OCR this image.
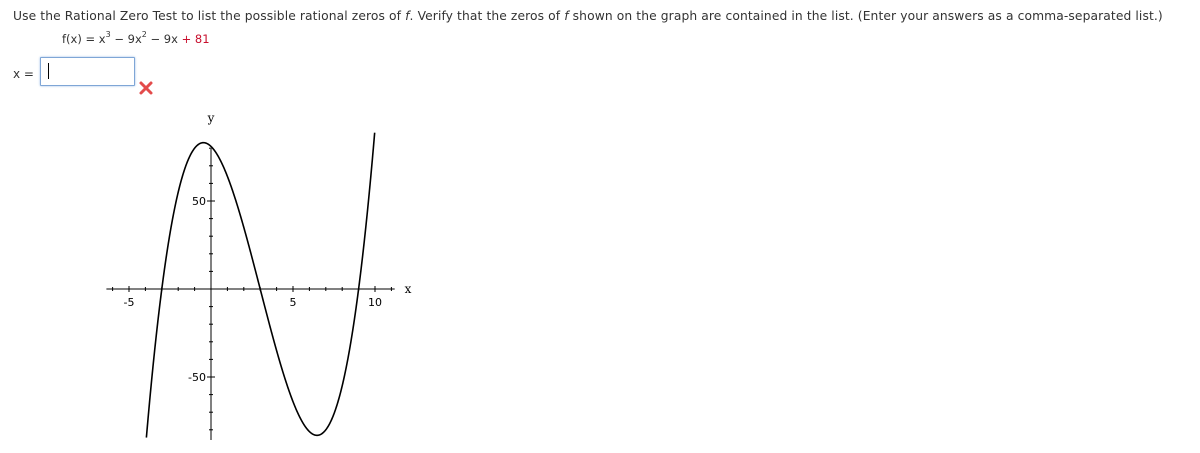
Use the Rational Zero Test to list the possible rational zeros of f. Verify that the zeros of f shown on the graph are contained in the list. (Enter your answers as a comma-separated list.)
$f(x) = x^3 - 9x^2 - 9x + 81$
x =
-5	5	10
-50
50
y
x
